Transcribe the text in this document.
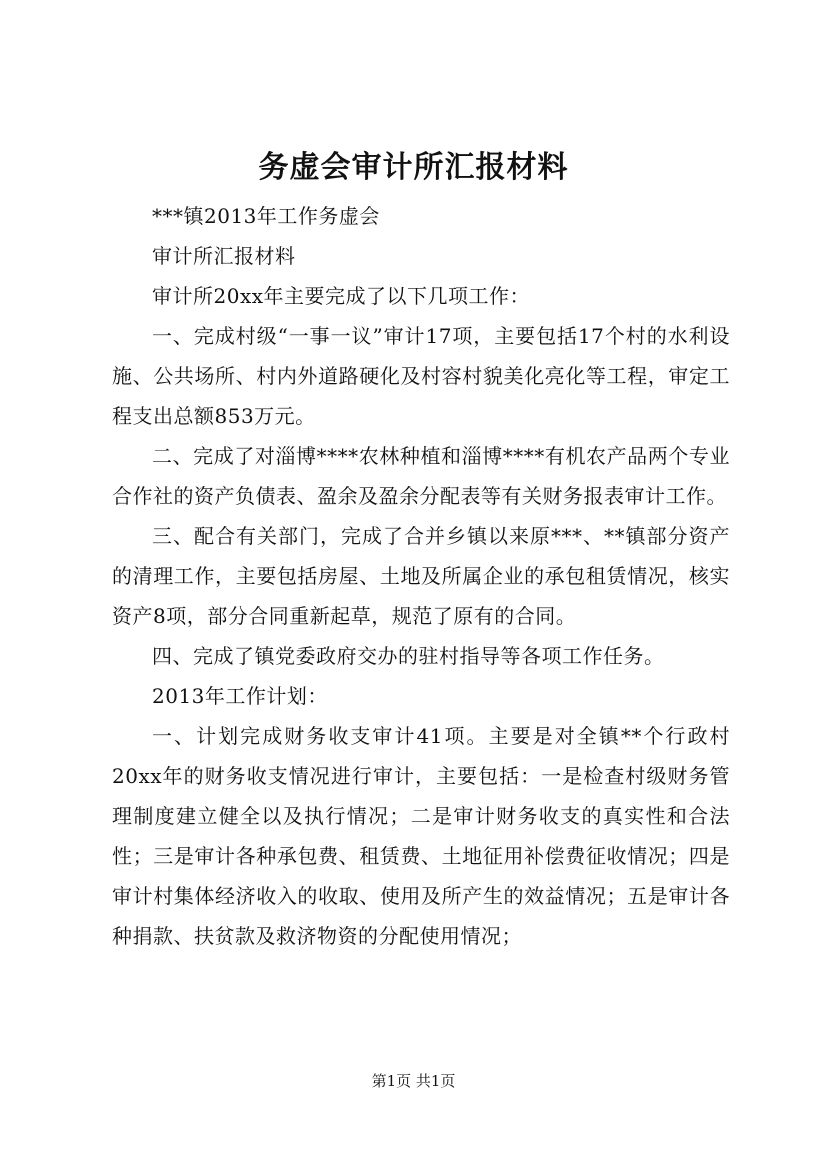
务虚会审计所汇报材料

***镇2013年工作务虚会

审计所汇报材料

审计所20xx年主要完成了以下几项工作：

一、完成村级“一事一议”审计17项，主要包括17个村的水利设施、公共场所、村内外道路硬化及村容村貌美化亮化等工程，审定工程支出总额853万元。

二、完成了对淄博****农林种植和淄博****有机农产品两个专业合作社的资产负债表、盈余及盈余分配表等有关财务报表审计工作。

三、配合有关部门，完成了合并乡镇以来原***、**镇部分资产的清理工作，主要包括房屋、土地及所属企业的承包租赁情况，核实资产8项，部分合同重新起草，规范了原有的合同。

四、完成了镇党委政府交办的驻村指导等各项工作任务。

2013年工作计划：

一、计划完成财务收支审计41项。主要是对全镇**个行政村20xx年的财务收支情况进行审计，主要包括：一是检查村级财务管理制度建立健全以及执行情况；二是审计财务收支的真实性和合法性；三是审计各种承包费、租赁费、土地征用补偿费征收情况；四是审计村集体经济收入的收取、使用及所产生的效益情况；五是审计各种捐款、扶贫款及救济物资的分配使用情况；

第1页 共1页
